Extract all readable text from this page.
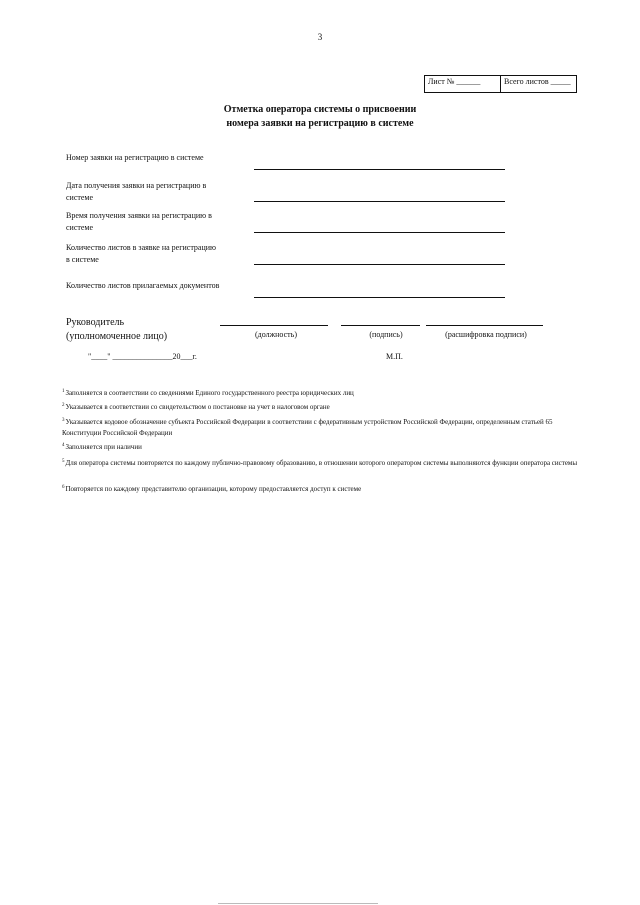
3
Лист № ______	Всего листов _____
Отметка оператора системы о присвоении
номера заявки на регистрацию в системе
Номер заявки на регистрацию в системе
Дата получения заявки на регистрацию в
системе
Время получения заявки на регистрацию в
системе
Количество листов в заявке на регистрацию
в системе
Количество листов прилагаемых документов
Руководитель
(уполномоченное лицо)	(должность)	(подпись)	(расшифровка подписи)
"____" _______________20___г.	М.П.
$^1$Заполняется в соответствии со сведениями Единого государственного реестра юридических лиц
$^2$Указывается в соответствии со свидетельством о постановке на учет в налоговом органе
$^3$Указывается кодовое обозначение субъекта Российской Федерации в соответствии с федеративным устройством Российской Федерации, определенным статьей 65 Конституции Российской Федерации
$^4$Заполняется при наличии
$^5$Для оператора системы повторяется по каждому публично-правовому образованию, в отношении которого оператором системы выполняются функции оператора системы
$^6$Повторяется по каждому представителю организации, которому предоставляется доступ к системе
